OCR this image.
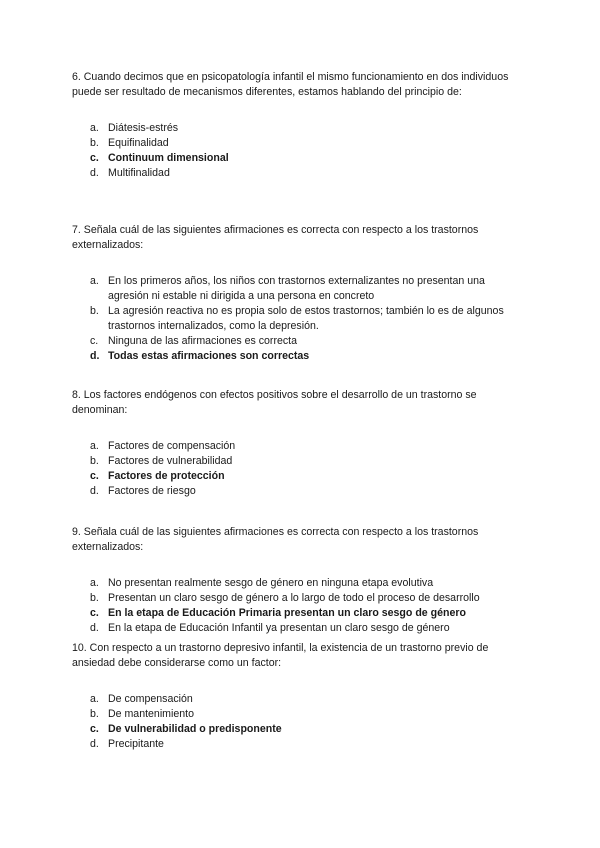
6. Cuando decimos que en psicopatología infantil el mismo funcionamiento en dos individuos puede ser resultado de mecanismos diferentes, estamos hablando del principio de:

a. Diátesis-estrés
b. Equifinalidad
c. Continuum dimensional
d. Multifinalidad

7. Señala cuál de las siguientes afirmaciones es correcta con respecto a los trastornos externalizados:

a. En los primeros años, los niños con trastornos externalizantes no presentan una agresión ni estable ni dirigida a una persona en concreto
b. La agresión reactiva no es propia solo de estos trastornos; también lo es de algunos trastornos internalizados, como la depresión.
c. Ninguna de las afirmaciones es correcta
d. Todas estas afirmaciones son correctas

8. Los factores endógenos con efectos positivos sobre el desarrollo de un trastorno se denominan:

a. Factores de compensación
b. Factores de vulnerabilidad
c. Factores de protección
d. Factores de riesgo

9. Señala cuál de las siguientes afirmaciones es correcta con respecto a los trastornos externalizados:

a. No presentan realmente sesgo de género en ninguna etapa evolutiva
b. Presentan un claro sesgo de género a lo largo de todo el proceso de desarrollo
c. En la etapa de Educación Primaria presentan un claro sesgo de género
d. En la etapa de Educación Infantil ya presentan un claro sesgo de género

10. Con respecto a un trastorno depresivo infantil, la existencia de un trastorno previo de ansiedad debe considerarse como un factor:

a. De compensación
b. De mantenimiento
c. De vulnerabilidad o predisponente
d. Precipitante
